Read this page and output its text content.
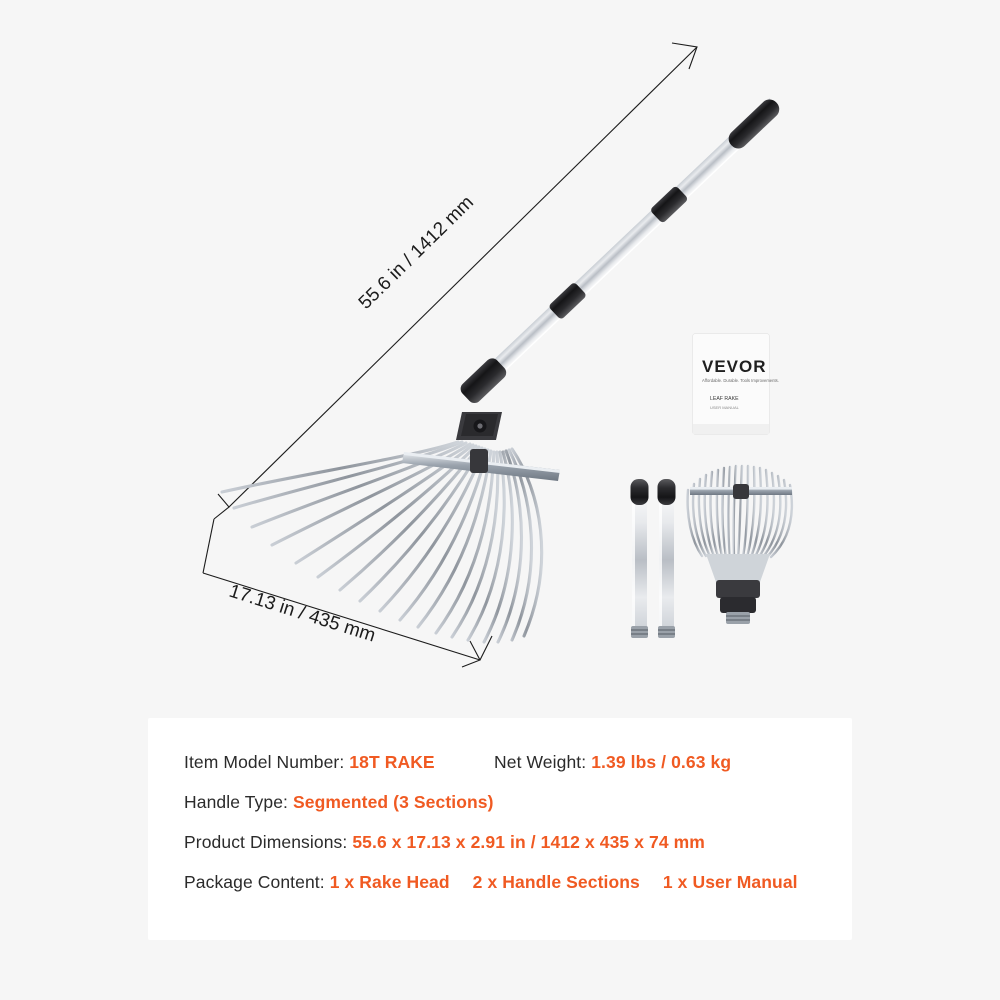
55.6 in / 1412 mm
17.13 in / 435 mm
VEVOR
Affordable. Durable. Tools Improvements.
LEAF RAKE
USER MANUAL
Item Model Number: 18T RAKE	Net Weight: 1.39 lbs / 0.63 kg
Handle Type: Segmented (3 Sections)
Product Dimensions: 55.6 x 17.13 x 2.91 in / 1412 x 435 x 74 mm
Package Content: 1 x Rake Head 2 x Handle Sections 1 x User Manual
